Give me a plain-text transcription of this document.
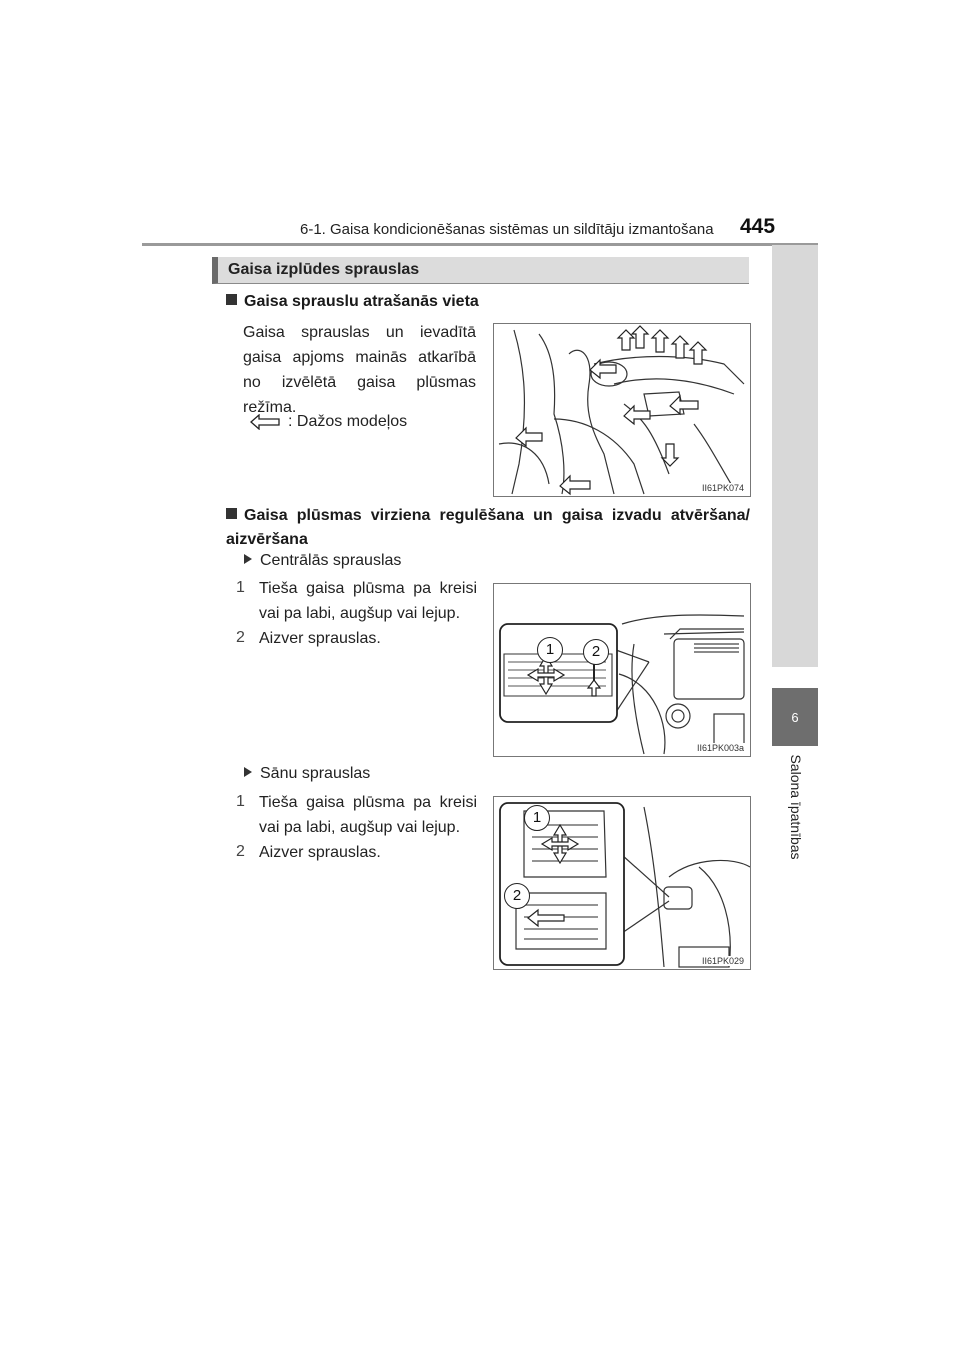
6-1. Gaisa kondicionēšanas sistēmas un sildītāju izmantošana 445
6
Salona īpatnības
Gaisa izplūdes sprauslas
Gaisa sprauslu atrašanās vieta
Gaisa sprauslas un ievadītā gaisa apjoms mainās atkarībā no izvēlētā gaisa plūsmas režīma.
: Dažos modeļos
II61PK074
Gaisa plūsmas virziena regulēšana un gaisa izvadu atvēršana/ aizvēršana
Centrālās sprauslas
1 Tieša gaisa plūsma pa kreisi vai pa labi, augšup vai lejup.
2 Aizver sprauslas.
1	2
II61PK003a
Sānu sprauslas
1 Tieša gaisa plūsma pa kreisi vai pa labi, augšup vai lejup.
2 Aizver sprauslas.
1
2
II61PK029
